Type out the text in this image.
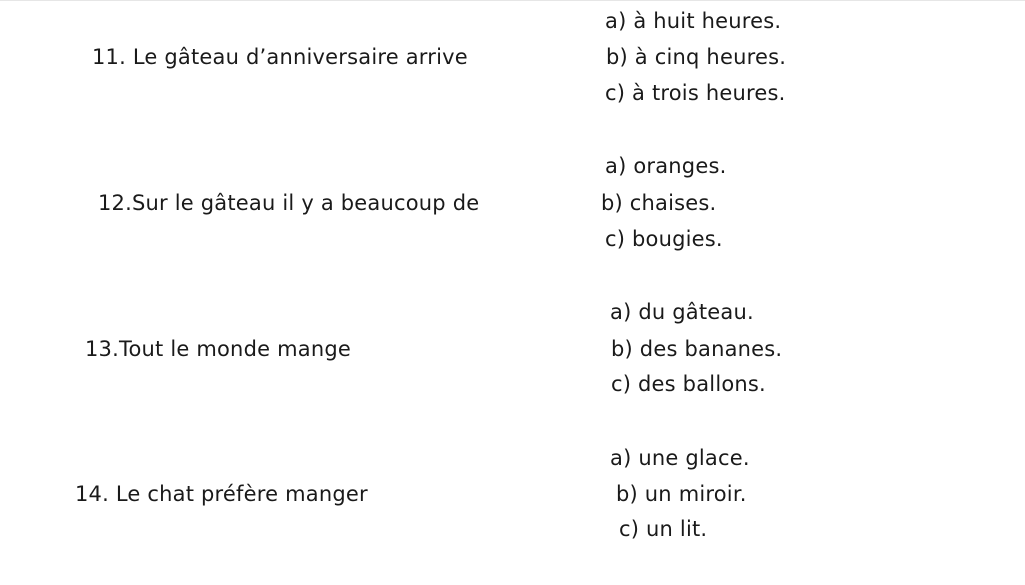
11. Le gâteau d’anniversaire arrive
a) à huit heures.
b) à cinq heures.
c) à trois heures.
12.Sur le gâteau il y a beaucoup de
a) oranges.
b) chaises.
c) bougies.
13.Tout le monde mange
a) du gâteau.
b) des bananes.
c) des ballons.
14. Le chat préfère manger
a) une glace.
b) un miroir.
c) un lit.
